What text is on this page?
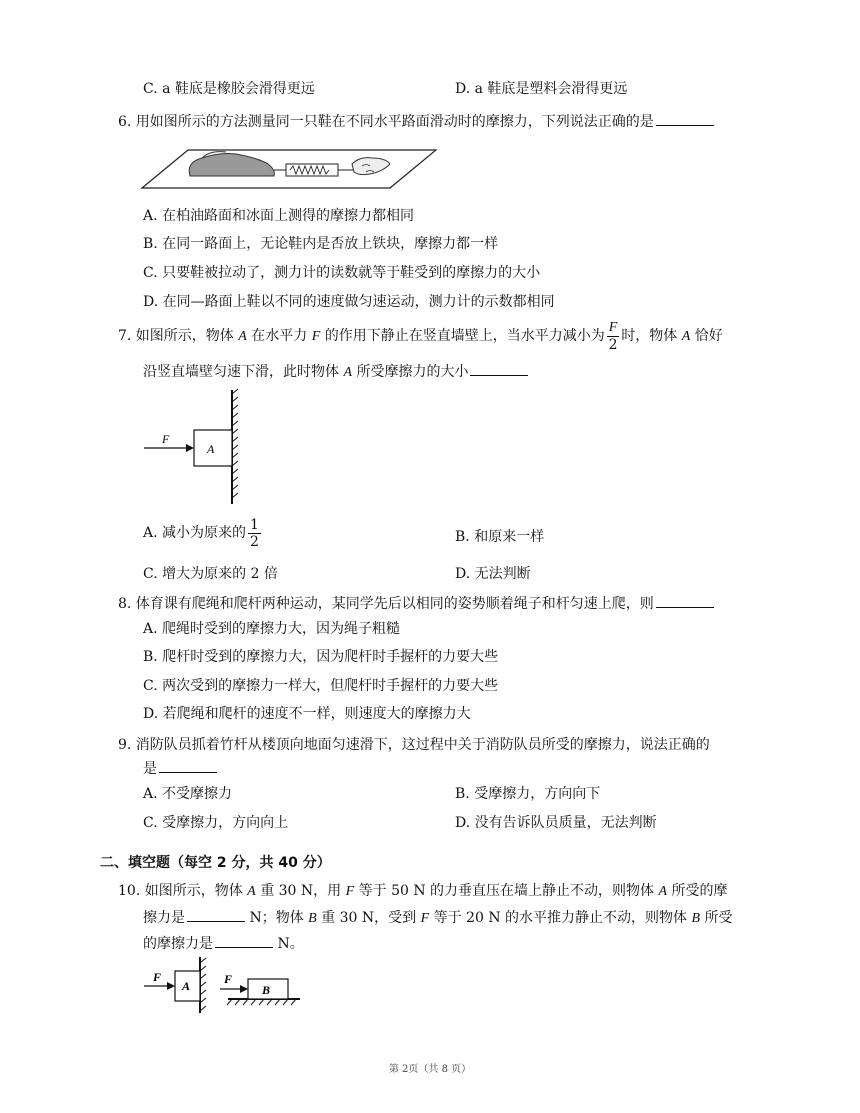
C. a 鞋底是橡胶会滑得更远	D. a 鞋底是塑料会滑得更远
6. 用如图所示的方法测量同一只鞋在不同水平路面滑动时的摩擦力，下列说法正确的是
A. 在柏油路面和冰面上测得的摩擦力都相同
B. 在同一路面上，无论鞋内是否放上铁块，摩擦力都一样
C. 只要鞋被拉动了，测力计的读数就等于鞋受到的摩擦力的大小
D. 在同—路面上鞋以不同的速度做匀速运动，测力计的示数都相同
7. 如图所示，物体 A 在水平力 F 的作用下静止在竖直墙壁上，当水平力减小为 $\frac{F}{2}$ 时，物体 A 恰好
沿竖直墙壁匀速下滑，此时物体 A 所受摩擦力的大小
F
A
A. 减小为原来的 $\frac{1}{2}$	B. 和原来一样
C. 增大为原来的 2 倍	D. 无法判断
8. 体育课有爬绳和爬杆两种运动，某同学先后以相同的姿势顺着绳子和杆匀速上爬，则
A. 爬绳时受到的摩擦力大，因为绳子粗糙
B. 爬杆时受到的摩擦力大，因为爬杆时手握杆的力要大些
C. 两次受到的摩擦力一样大，但爬杆时手握杆的力要大些
D. 若爬绳和爬杆的速度不一样，则速度大的摩擦力大
9. 消防队员抓着竹杆从楼顶向地面匀速滑下，这过程中关于消防队员所受的摩擦力，说法正确的
是
A. 不受摩擦力	B. 受摩擦力，方向向下
C. 受摩擦力，方向向上	D. 没有告诉队员质量，无法判断
二、填空题（每空 2 分，共 40 分）
10. 如图所示，物体 A 重 30 N，用 F 等于 50 N 的力垂直压在墙上静止不动，则物体 A 所受的摩
擦力是	N；物体 B 重 30 N，受到 F 等于 20 N 的水平推力静止不动，则物体 B 所受
的摩擦力是	N。
F
A	F
B
第 2页（共 8 页）
